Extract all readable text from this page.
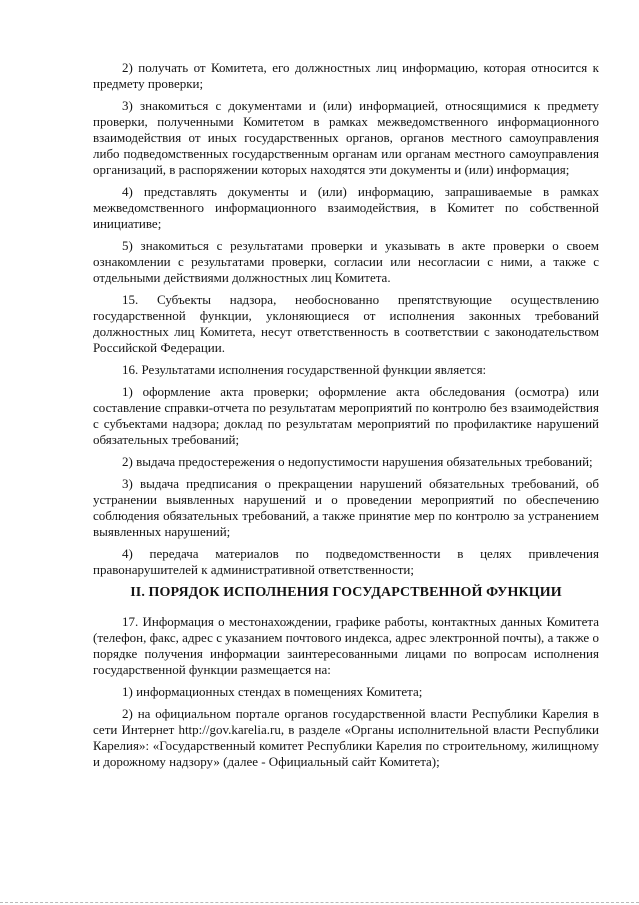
2) получать от Комитета, его должностных лиц информацию, которая относится к предмету проверки;

3) знакомиться с документами и (или) информацией, относящимися к предмету проверки, полученными Комитетом в рамках межведомственного информационного взаимодействия от иных государственных органов, органов местного самоуправления либо подведомственных государственным органам или органам местного самоуправления организаций, в распоряжении которых находятся эти документы и (или) информация;

4) представлять документы и (или) информацию, запрашиваемые в рамках межведомственного информационного взаимодействия, в Комитет по собственной инициативе;

5) знакомиться с результатами проверки и указывать в акте проверки о своем ознакомлении с результатами проверки, согласии или несогласии с ними, а также с отдельными действиями должностных лиц Комитета.

15. Субъекты надзора, необоснованно препятствующие осуществлению государственной функции, уклоняющиеся от исполнения законных требований должностных лиц Комитета, несут ответственность в соответствии с законодательством Российской Федерации.

16. Результатами исполнения государственной функции является:

1) оформление акта проверки; оформление акта обследования (осмотра) или составление справки-отчета по результатам мероприятий по контролю без взаимодействия с субъектами надзора; доклад по результатам мероприятий по профилактике нарушений обязательных требований;

2) выдача предостережения о недопустимости нарушения обязательных требований;

3) выдача предписания о прекращении нарушений обязательных требований, об устранении выявленных нарушений и о проведении мероприятий по обеспечению соблюдения обязательных требований, а также принятие мер по контролю за устранением выявленных нарушений;

4) передача материалов по подведомственности в целях привлечения правонарушителей к административной ответственности;

II. ПОРЯДОК ИСПОЛНЕНИЯ ГОСУДАРСТВЕННОЙ ФУНКЦИИ

17. Информация о местонахождении, графике работы, контактных данных Комитета (телефон, факс, адрес с указанием почтового индекса, адрес электронной почты), а также о порядке получения информации заинтересованными лицами по вопросам исполнения государственной функции размещается на:

1) информационных стендах в помещениях Комитета;

2) на официальном портале органов государственной власти Республики Карелия в сети Интернет http://gov.karelia.ru, в разделе «Органы исполнительной власти Республики Карелия»: «Государственный комитет Республики Карелия по строительному, жилищному и дорожному надзору» (далее - Официальный сайт Комитета);
